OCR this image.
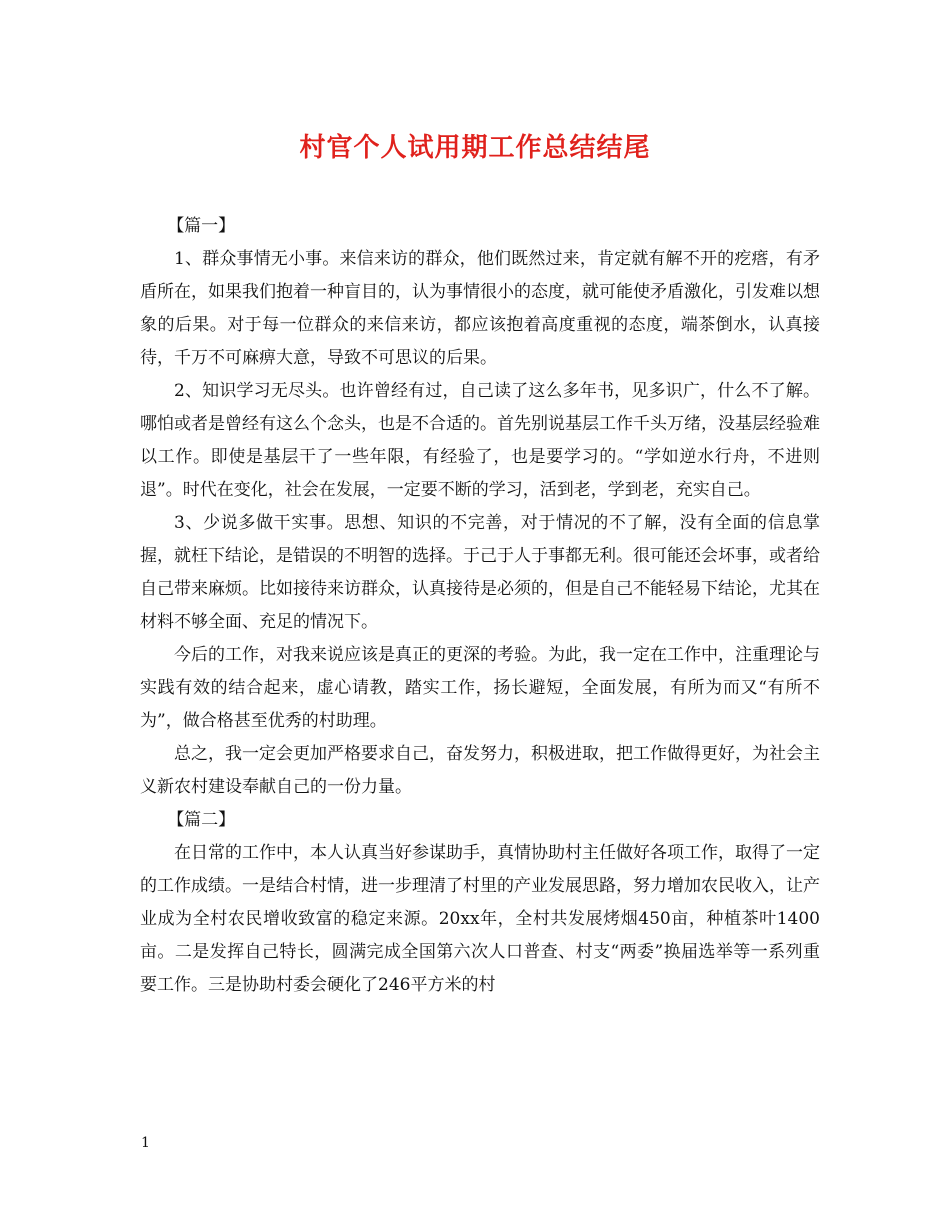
村官个人试用期工作总结结尾

【篇一】

1、群众事情无小事。来信来访的群众，他们既然过来，肯定就有解不开的疙瘩，有矛盾所在，如果我们抱着一种盲目的，认为事情很小的态度，就可能使矛盾激化，引发难以想象的后果。对于每一位群众的来信来访，都应该抱着高度重视的态度，端茶倒水，认真接待，千万不可麻痹大意，导致不可思议的后果。

2、知识学习无尽头。也许曾经有过，自己读了这么多年书，见多识广，什么不了解。哪怕或者是曾经有这么个念头，也是不合适的。首先别说基层工作千头万绪，没基层经验难以工作。即使是基层干了一些年限，有经验了，也是要学习的。“学如逆水行舟，不进则退”。时代在变化，社会在发展，一定要不断的学习，活到老，学到老，充实自己。

3、少说多做干实事。思想、知识的不完善，对于情况的不了解，没有全面的信息掌握，就枉下结论，是错误的不明智的选择。于己于人于事都无利。很可能还会坏事，或者给自己带来麻烦。比如接待来访群众，认真接待是必须的，但是自己不能轻易下结论，尤其在材料不够全面、充足的情况下。

今后的工作，对我来说应该是真正的更深的考验。为此，我一定在工作中，注重理论与实践有效的结合起来，虚心请教，踏实工作，扬长避短，全面发展，有所为而又“有所不为”，做合格甚至优秀的村助理。

总之，我一定会更加严格要求自己，奋发努力，积极进取，把工作做得更好，为社会主义新农村建设奉献自己的一份力量。

【篇二】

在日常的工作中，本人认真当好参谋助手，真情协助村主任做好各项工作，取得了一定的工作成绩。一是结合村情，进一步理清了村里的产业发展思路，努力增加农民收入，让产业成为全村农民增收致富的稳定来源。20xx年，全村共发展烤烟450亩，种植茶叶1400亩。二是发挥自己特长，圆满完成全国第六次人口普查、村支“两委”换届选举等一系列重要工作。三是协助村委会硬化了246平方米的村

1
